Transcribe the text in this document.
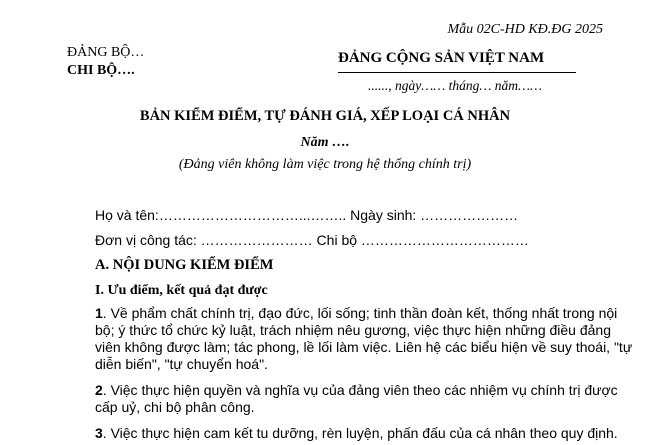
Mẫu 02C-HD KĐ.ĐG 2025
ĐẢNG BỘ…
CHI BỘ….
ĐẢNG CỘNG SẢN VIỆT NAM
......, ngày…… tháng… năm……
BẢN KIỂM ĐIỂM, TỰ ĐÁNH GIÁ, XẾP LOẠI CÁ NHÂN
Năm ….
(Đảng viên không làm việc trong hệ thống chính trị)
Họ và tên:…………………………...…….. Ngày sinh: …………………
Đơn vị công tác: …………………… Chi bộ ………………………………
A. NỘI DUNG KIỂM ĐIỂM
I. Ưu điểm, kết quả đạt được
1. Về phẩm chất chính trị, đạo đức, lối sống; tinh thần đoàn kết, thống nhất trong nội bộ; ý thức tổ chức kỷ luật, trách nhiệm nêu gương, việc thực hiện những điều đảng viên không được làm; tác phong, lề lối làm việc. Liên hệ các biểu hiện về suy thoái, "tự diễn biến", "tự chuyển hoá".
2. Việc thực hiện quyền và nghĩa vụ của đảng viên theo các nhiệm vụ chính trị được cấp uỷ, chi bộ phân công.
3. Việc thực hiện cam kết tu dưỡng, rèn luyện, phấn đấu của cá nhân theo quy định.
